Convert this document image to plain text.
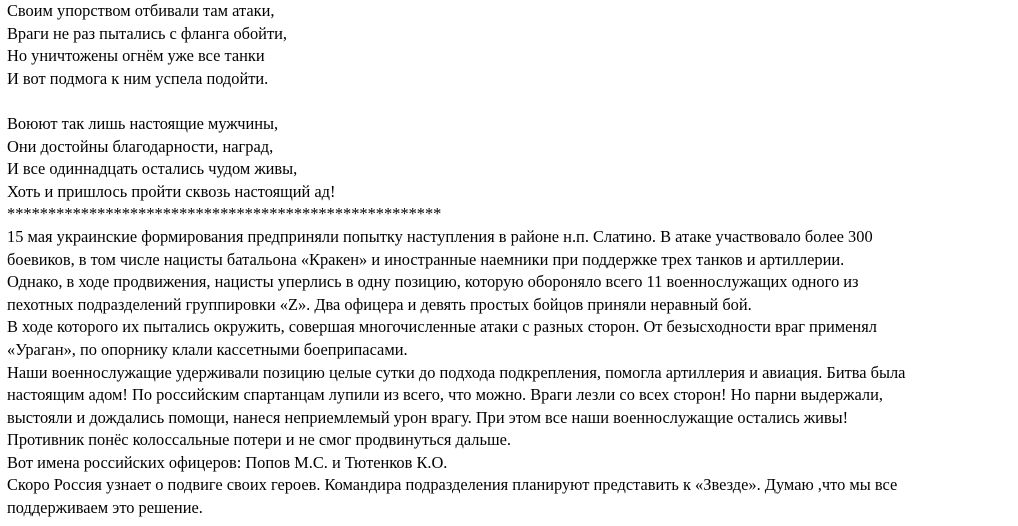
Своим упорством отбивали там атаки,
Враги не раз пытались с фланга обойти,
Но уничтожены огнём уже все танки
И вот подмога к ним успела подойти.
Воюют так лишь настоящие мужчины,
Они достойны благодарности, наград,
И все одиннадцать остались чудом живы,
Хоть и пришлось пройти сквозь настоящий ад!
*****************************************************
15 мая украинские формирования предприняли попытку наступления в районе н.п. Слатино. В атаке участвовало более 300
боевиков, в том числе нацисты батальона «Кракен» и иностранные наемники при поддержке трех танков и артиллерии.
Однако, в ходе продвижения, нацисты уперлись в одну позицию, которую обороняло всего 11 военнослужащих одного из
пехотных подразделений группировки «Z». Два офицера и девять простых бойцов приняли неравный бой.
В ходе которого их пытались окружить, совершая многочисленные атаки с разных сторон. От безысходности враг применял
«Ураган», по опорнику клали кассетными боеприпасами.
Наши военнослужащие удерживали позицию целые сутки до подхода подкрепления, помогла артиллерия и авиация. Битва была
настоящим адом! По российским спартанцам лупили из всего, что можно. Враги лезли со всех сторон! Но парни выдержали,
выстояли и дождались помощи, нанеся неприемлемый урон врагу. При этом все наши военнослужащие остались живы!
Противник понёс колоссальные потери и не смог продвинуться дальше.
Вот имена российских офицеров: Попов М.С. и Тютенков К.О.
Скоро Россия узнает о подвиге своих героев. Командира подразделения планируют представить к «Звезде». Думаю ,что мы все
поддерживаем это решение.
